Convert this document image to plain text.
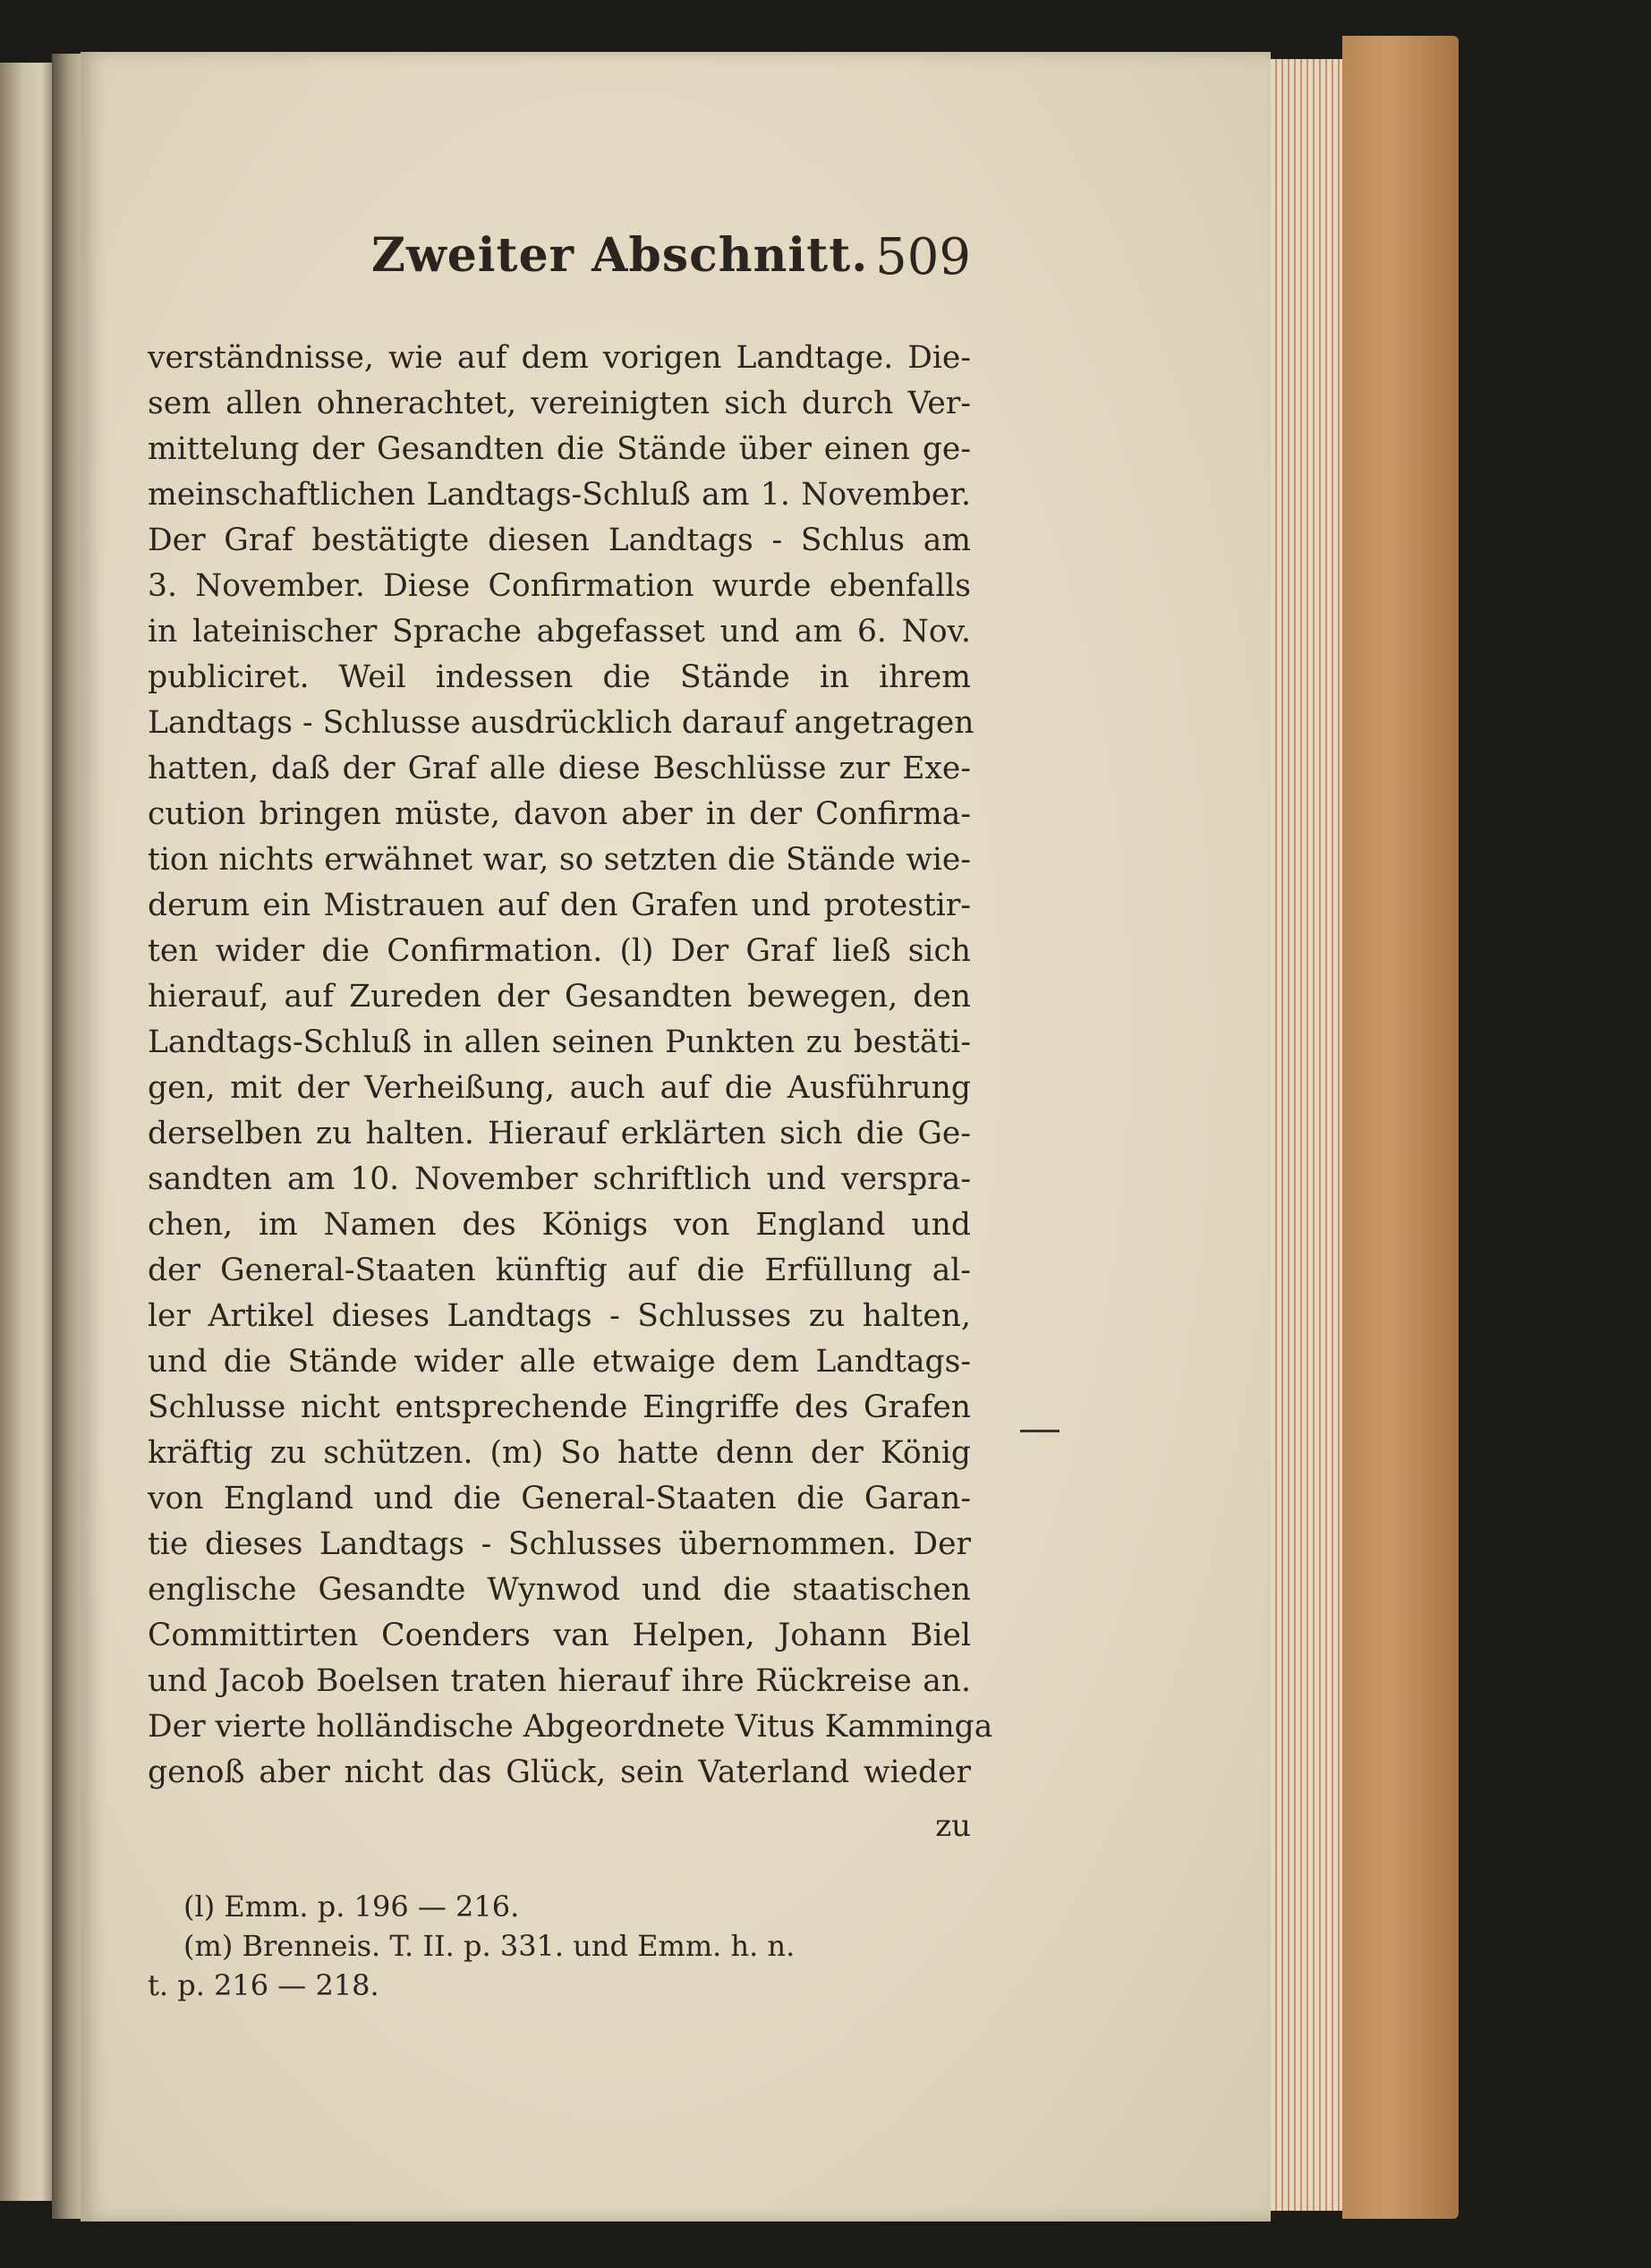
Zweiter Abschnitt. 509
verständnisse, wie auf dem vorigen Landtage. Die-
sem allen ohnerachtet, vereinigten sich durch Ver-
mittelung der Gesandten die Stände über einen ge-
meinschaftlichen Landtags-Schluß am 1. November.
Der Graf bestätigte diesen Landtags - Schlus am
3. November. Diese Confirmation wurde ebenfalls
in lateinischer Sprache abgefasset und am 6. Nov.
publiciret. Weil indessen die Stände in ihrem
Landtags - Schlusse ausdrücklich darauf angetragen
hatten, daß der Graf alle diese Beschlüsse zur Exe-
cution bringen müste, davon aber in der Confirma-
tion nichts erwähnet war, so setzten die Stände wie-
derum ein Mistrauen auf den Grafen und protestir-
ten wider die Confirmation. (l) Der Graf ließ sich
hierauf, auf Zureden der Gesandten bewegen, den
Landtags-Schluß in allen seinen Punkten zu bestäti-
gen, mit der Verheißung, auch auf die Ausführung
derselben zu halten. Hierauf erklärten sich die Ge-
sandten am 10. November schriftlich und verspra-
chen, im Namen des Königs von England und
der General-Staaten künftig auf die Erfüllung al-
ler Artikel dieses Landtags - Schlusses zu halten,
und die Stände wider alle etwaige dem Landtags-
Schlusse nicht entsprechende Eingriffe des Grafen
kräftig zu schützen. (m) So hatte denn der König
von England und die General-Staaten die Garan-
tie dieses Landtags - Schlusses übernommen. Der
englische Gesandte Wynwod und die staatischen
Committirten Coenders van Helpen, Johann Biel
und Jacob Boelsen traten hierauf ihre Rückreise an.
Der vierte holländische Abgeordnete Vitus Kamminga
genoß aber nicht das Glück, sein Vaterland wieder
zu
(l) Emm. p. 196 — 216.
(m) Brenneis. T. II. p. 331. und Emm. h. n.
t. p. 216 — 218.
